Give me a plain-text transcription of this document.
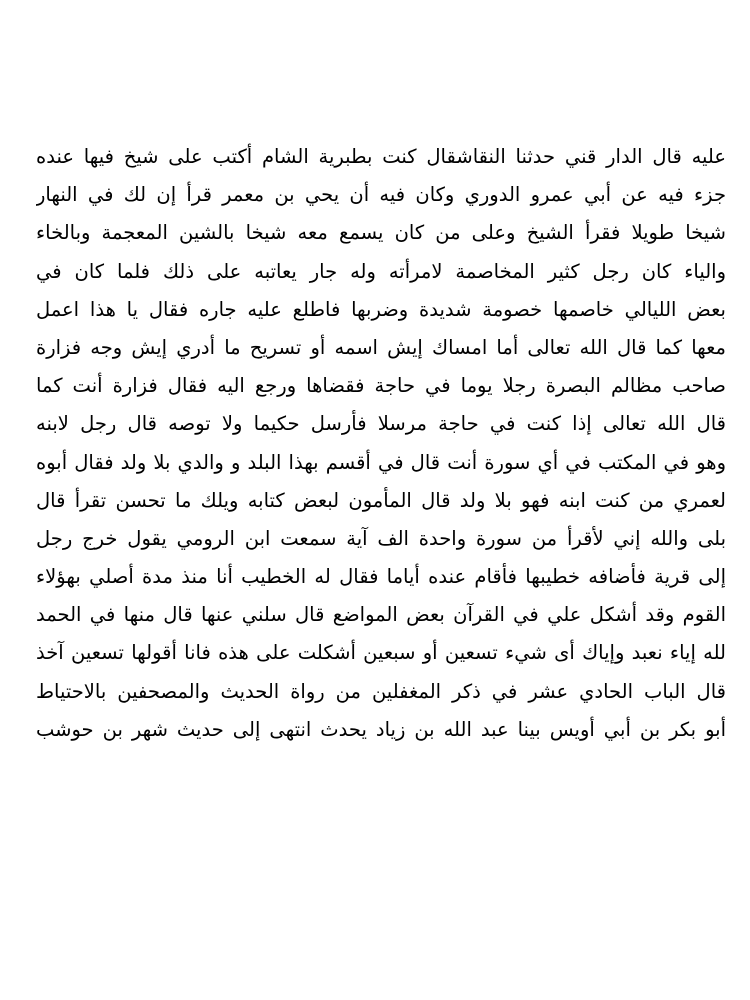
عليه قال الدار قني حدثنا النقاشقال كنت بطبرية الشام أكتب على شيخ فيها عنده
جزء فيه عن أبي عمرو الدوري وكان فيه أن يحي بن معمر قرأ إن لك في النهار
شيخا طويلا فقرأ الشيخ وعلى من كان يسمع معه شيخا بالشين المعجمة وبالخاء
والياء كان رجل كثير المخاصمة لامرأته وله جار يعاتبه على ذلك فلما كان في
بعض الليالي خاصمها خصومة شديدة وضربها فاطلع عليه جاره فقال يا هذا اعمل
معها كما قال الله تعالى أما امساك إيش اسمه أو تسريح ما أدري إيش وجه فزارة
صاحب مظالم البصرة رجلا يوما في حاجة فقضاها ورجع اليه فقال فزارة أنت كما
قال الله تعالى إذا كنت في حاجة مرسلا فأرسل حكيما ولا توصه قال رجل لابنه
وهو في المكتب في أي سورة أنت قال في أقسم بهذا البلد و والدي بلا ولد فقال أبوه
لعمري من كنت ابنه فهو بلا ولد قال المأمون لبعض كتابه ويلك ما تحسن تقرأ قال
بلى والله إني لأقرأ من سورة واحدة الف آية سمعت ابن الرومي يقول خرج رجل
إلى قرية فأضافه خطيبها فأقام عنده أياما فقال له الخطيب أنا منذ مدة أصلي بهؤلاء
القوم وقد أشكل علي في القرآن بعض المواضع قال سلني عنها قال منها في الحمد
لله إياء نعبد وإياك أى شيء تسعين أو سبعين أشكلت على هذه فانا أقولها تسعين آخذ
قال الباب الحادي عشر في ذكر المغفلين من رواة الحديث والمصحفين بالاحتياط
أبو بكر بن أبي أويس بينا عبد الله بن زياد يحدث انتهى إلى حديث شهر بن حوشب
